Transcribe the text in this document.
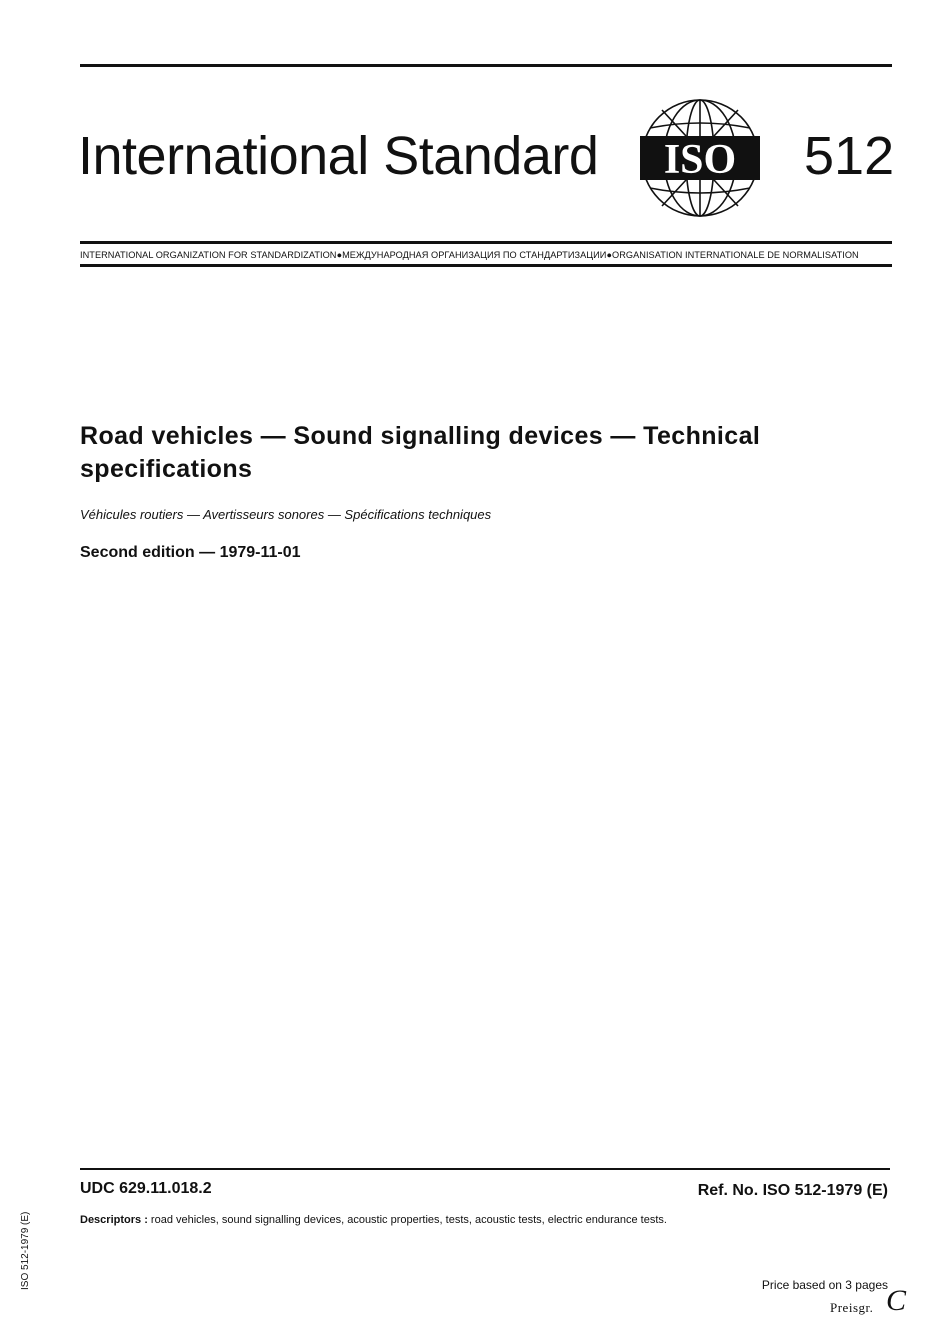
International Standard ISO 512
INTERNATIONAL ORGANIZATION FOR STANDARDIZATION●МЕЖДУНАРОДНАЯ ОРГАНИЗАЦИЯ ПО СТАНДАРТИЗАЦИИ●ORGANISATION INTERNATIONALE DE NORMALISATION
Road vehicles — Sound signalling devices — Technical specifications
Véhicules routiers — Avertisseurs sonores — Spécifications techniques
Second edition — 1979-11-01
UDC 629.11.018.2	Ref. No. ISO 512-1979 (E)
Descriptors : road vehicles, sound signalling devices, acoustic properties, tests, acoustic tests, electric endurance tests.
ISO 512-1979 (E)	Price based on 3 pages
Preisgr. C
